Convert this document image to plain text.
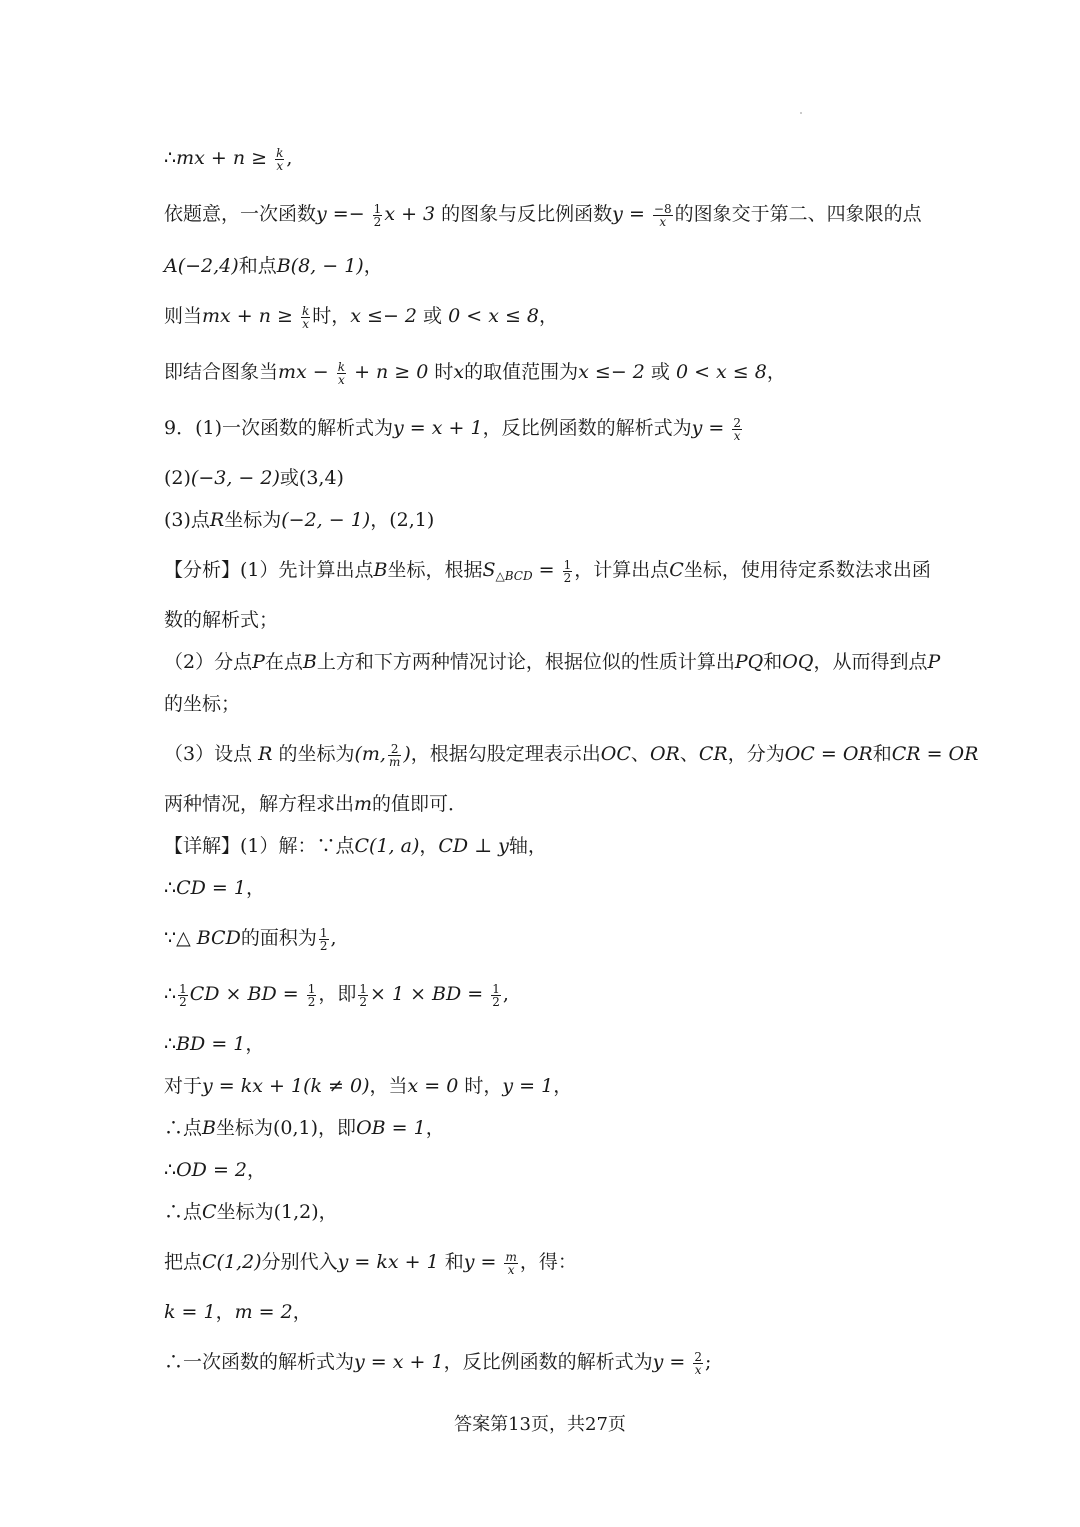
∴mx + $n \ge \frac{k}{x}$ ,
依题意，一次函数$y =- \frac{1}{2}$ x + 3 的图象与反比例函数$y = \frac{-8}{x}$ 的图象交于第二、四象限的点
A(−2,4)和点B(8, − 1)，
则当mx + $n \ge \frac{k}{x}$ 时，x ≤− 2 或 0 < x ≤ 8，
即结合图象当mx − $\frac{k}{x} + n \ge 0$ 时x的取值范围为x ≤− 2 或 0 < x ≤ 8，
9．(1)一次函数的解析式为y = x + 1，反比例函数的解析式为$y = \frac{2}{x}$
(2)(−3, − 2)或(3,4)
(3)点R坐标为(−2, − 1)，(2,1)
【分析】(1）先计算出点B坐标，根据$S_{\triangle BCD} = \frac{1}{2}$ ，计算出点C坐标，使用待定系数法求出函
数的解析式；
（2）分点P在点B上方和下方两种情况讨论，根据位似的性质计算出PQ和OQ，从而得到点P
的坐标；
（3）设点 R 的坐标为(m, $\frac{2}{m}$ )，根据勾股定理表示出OC、OR、CR，分为OC = OR和CR = OR
两种情况，解方程求出m的值即可．
【详解】(1）解：∵点C(1, a)，CD ⊥ y轴，
∴CD = 1，
∵△ BCD的面积为 $\frac{1}{2}$ ,
∴ $\frac{1}{2}$ CD × BD = $\frac{1}{2}$ ，即 $\frac{1}{2} \times 1$ × BD = $\frac{1}{2}$ ,
∴BD = 1，
对于y = kx + 1(k ≠ 0)，当x = 0 时，y = 1，
∴点B坐标为(0,1)，即OB = 1，
∴OD = 2，
∴点C坐标为(1,2)，
把点C(1,2)分别代入y = kx + 1 和$y = \frac{m}{x}$ ，得：
k = 1，m = 2，
∴一次函数的解析式为y = x + 1，反比例函数的解析式为$y = \frac{2}{x}$ ;
答案第13页，共27页
